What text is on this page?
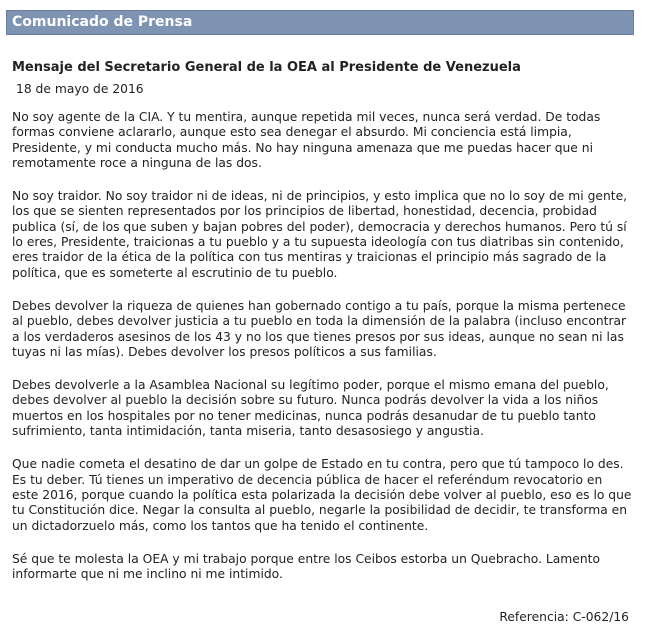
Comunicado de Prensa
Mensaje del Secretario General de la OEA al Presidente de Venezuela
18 de mayo de 2016

No soy agente de la CIA. Y tu mentira, aunque repetida mil veces, nunca será verdad. De todas formas conviene aclararlo, aunque esto sea denegar el absurdo. Mi conciencia está limpia, Presidente, y mi conducta mucho más. No hay ninguna amenaza que me puedas hacer que ni remotamente roce a ninguna de las dos.

No soy traidor. No soy traidor ni de ideas, ni de principios, y esto implica que no lo soy de mi gente, los que se sienten representados por los principios de libertad, honestidad, decencia, probidad publica (sí, de los que suben y bajan pobres del poder), democracia y derechos humanos. Pero tú sí lo eres, Presidente, traicionas a tu pueblo y a tu supuesta ideología con tus diatribas sin contenido, eres traidor de la ética de la política con tus mentiras y traicionas el principio más sagrado de la política, que es someterte al escrutinio de tu pueblo.

Debes devolver la riqueza de quienes han gobernado contigo a tu país, porque la misma pertenece al pueblo, debes devolver justicia a tu pueblo en toda la dimensión de la palabra (incluso encontrar a los verdaderos asesinos de los 43 y no los que tienes presos por sus ideas, aunque no sean ni las tuyas ni las mías). Debes devolver los presos políticos a sus familias.

Debes devolverle a la Asamblea Nacional su legítimo poder, porque el mismo emana del pueblo, debes devolver al pueblo la decisión sobre su futuro. Nunca podrás devolver la vida a los niños muertos en los hospitales por no tener medicinas, nunca podrás desanudar de tu pueblo tanto sufrimiento, tanta intimidación, tanta miseria, tanto desasosiego y angustia.

Que nadie cometa el desatino de dar un golpe de Estado en tu contra, pero que tú tampoco lo des. Es tu deber. Tú tienes un imperativo de decencia pública de hacer el referéndum revocatorio en este 2016, porque cuando la política esta polarizada la decisión debe volver al pueblo, eso es lo que tu Constitución dice. Negar la consulta al pueblo, negarle la posibilidad de decidir, te transforma en un dictadorzuelo más, como los tantos que ha tenido el continente.

Sé que te molesta la OEA y mi trabajo porque entre los Ceibos estorba un Quebracho. Lamento informarte que ni me inclino ni me intimido.

Referencia: C-062/16
